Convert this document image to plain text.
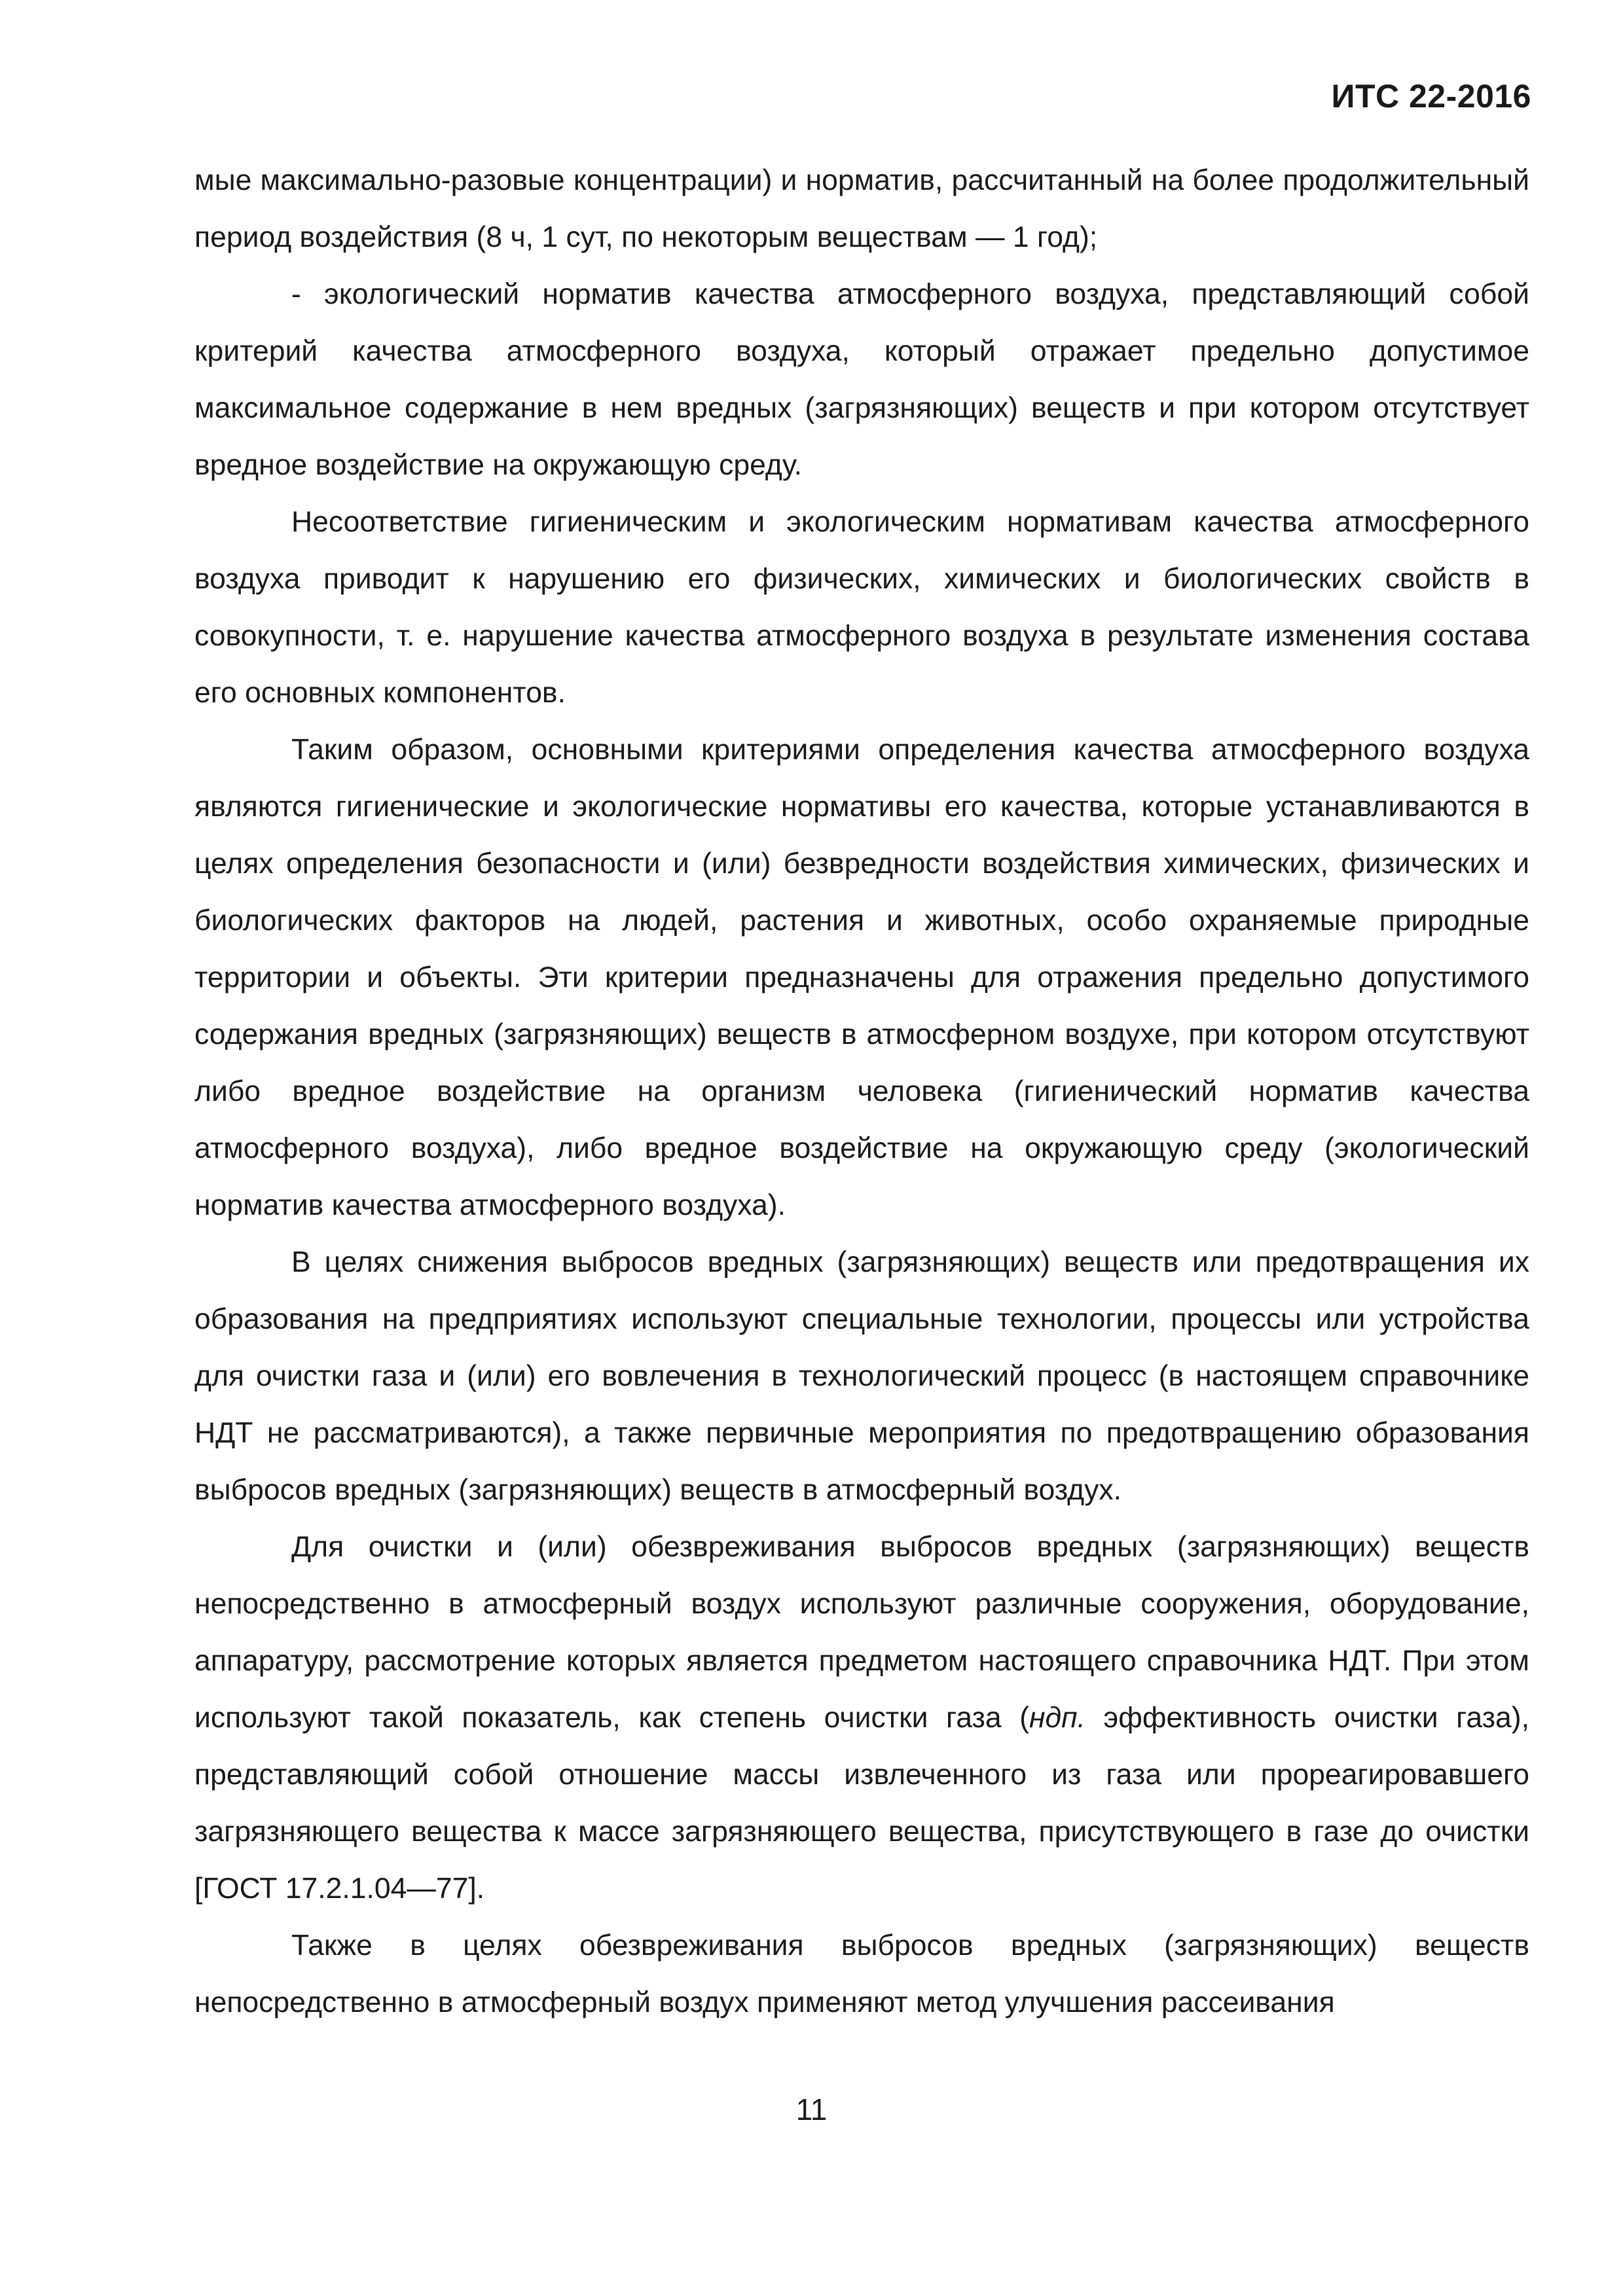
ИТС 22-2016

мые максимально-разовые концентрации) и норматив, рассчитанный на более продолжительный период воздействия (8 ч, 1 сут, по некоторым веществам — 1 год);

- экологический норматив качества атмосферного воздуха, представляющий собой критерий качества атмосферного воздуха, который отражает предельно допустимое максимальное содержание в нем вредных (загрязняющих) веществ и при котором отсутствует вредное воздействие на окружающую среду.

Несоответствие гигиеническим и экологическим нормативам качества атмосферного воздуха приводит к нарушению его физических, химических и биологических свойств в совокупности, т. е. нарушение качества атмосферного воздуха в результате изменения состава его основных компонентов.

Таким образом, основными критериями определения качества атмосферного воздуха являются гигиенические и экологические нормативы его качества, которые устанавливаются в целях определения безопасности и (или) безвредности воздействия химических, физических и биологических факторов на людей, растения и животных, особо охраняемые природные территории и объекты. Эти критерии предназначены для отражения предельно допустимого содержания вредных (загрязняющих) веществ в атмосферном воздухе, при котором отсутствуют либо вредное воздействие на организм человека (гигиенический норматив качества атмосферного воздуха), либо вредное воздействие на окружающую среду (экологический норматив качества атмосферного воздуха).

В целях снижения выбросов вредных (загрязняющих) веществ или предотвращения их образования на предприятиях используют специальные технологии, процессы или устройства для очистки газа и (или) его вовлечения в технологический процесс (в настоящем справочнике НДТ не рассматриваются), а также первичные мероприятия по предотвращению образования выбросов вредных (загрязняющих) веществ в атмосферный воздух.

Для очистки и (или) обезвреживания выбросов вредных (загрязняющих) веществ непосредственно в атмосферный воздух используют различные сооружения, оборудование, аппаратуру, рассмотрение которых является предметом настоящего справочника НДТ. При этом используют такой показатель, как степень очистки газа (ндп. эффективность очистки газа), представляющий собой отношение массы извлеченного из газа или прореагировавшего загрязняющего вещества к массе загрязняющего вещества, присутствующего в газе до очистки [ГОСТ 17.2.1.04—77].

Также в целях обезвреживания выбросов вредных (загрязняющих) веществ непосредственно в атмосферный воздух применяют метод улучшения рассеивания

11
